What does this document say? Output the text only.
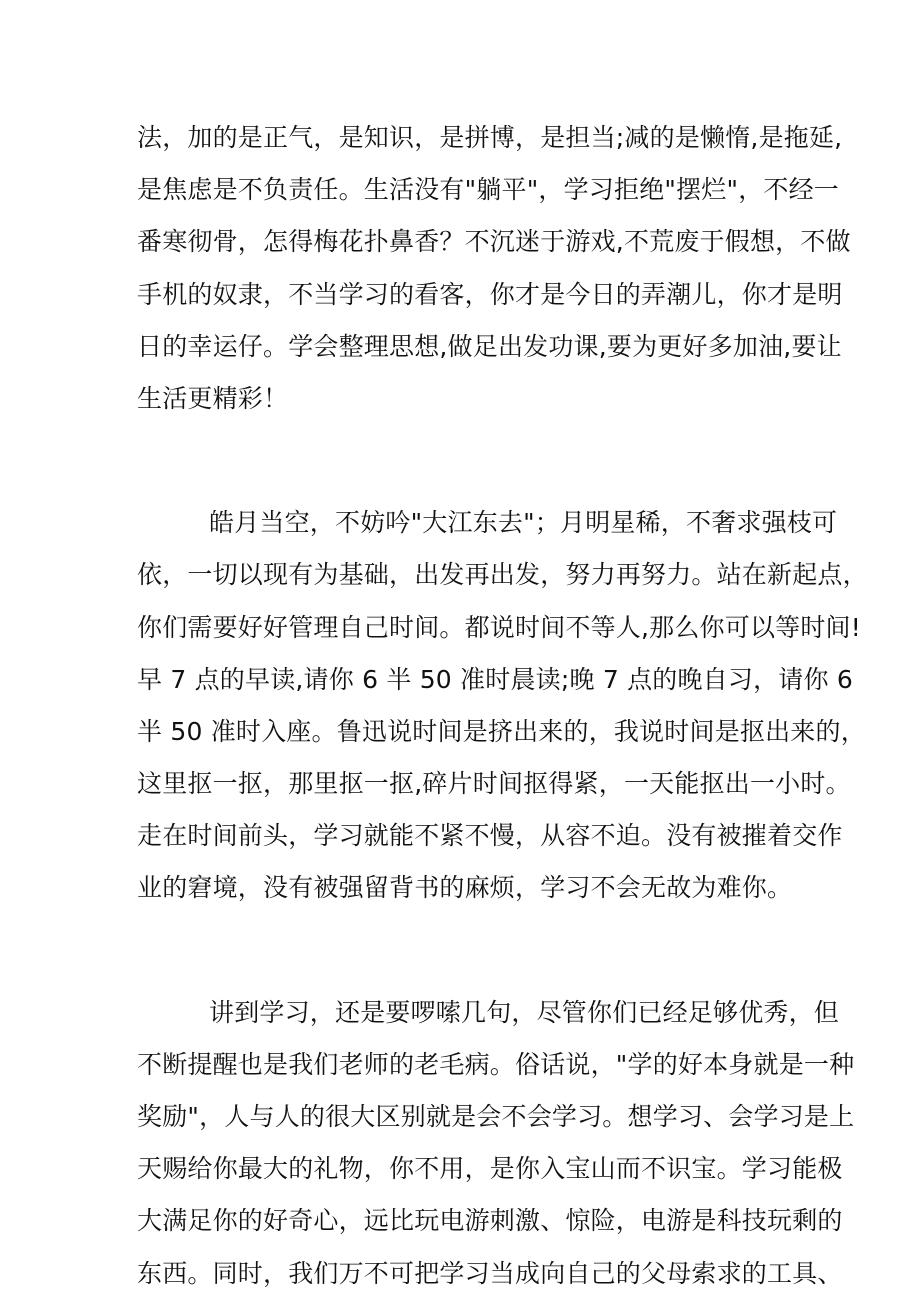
法，加的是正气，是知识，是拼博，是担当;减的是懒惰,是拖延,
是焦虑是不负责任。生活没有"躺平"，学习拒绝"摆烂"，不经一
番寒彻骨，怎得梅花扑鼻香？不沉迷于游戏,不荒废于假想，不做
手机的奴隶，不当学习的看客，你才是今日的弄潮儿，你才是明
日的幸运仔。学会整理思想,做足出发功课,要为更好多加油,要让
生活更精彩！
皓月当空，不妨吟"大江东去"；月明星稀，不奢求强枝可
依，一切以现有为基础，出发再出发，努力再努力。站在新起点，
你们需要好好管理自己时间。都说时间不等人,那么你可以等时间!
早 7 点的早读,请你 6 半 50 准时晨读;晚 7 点的晚自习，请你 6
半 50 准时入座。鲁迅说时间是挤出来的，我说时间是抠出来的，
这里抠一抠，那里抠一抠,碎片时间抠得紧，一天能抠出一小时。
走在时间前头，学习就能不紧不慢，从容不迫。没有被摧着交作
业的窘境，没有被强留背书的麻烦，学习不会无故为难你。
讲到学习，还是要啰嗦几句，尽管你们已经足够优秀，但
不断提醒也是我们老师的老毛病。俗话说，"学的好本身就是一种
奖励"，人与人的很大区别就是会不会学习。想学习、会学习是上
天赐给你最大的礼物，你不用，是你入宝山而不识宝。学习能极
大满足你的好奇心，远比玩电游刺激、惊险，电游是科技玩剩的
东西。同时，我们万不可把学习当成向自己的父母索求的工具、
